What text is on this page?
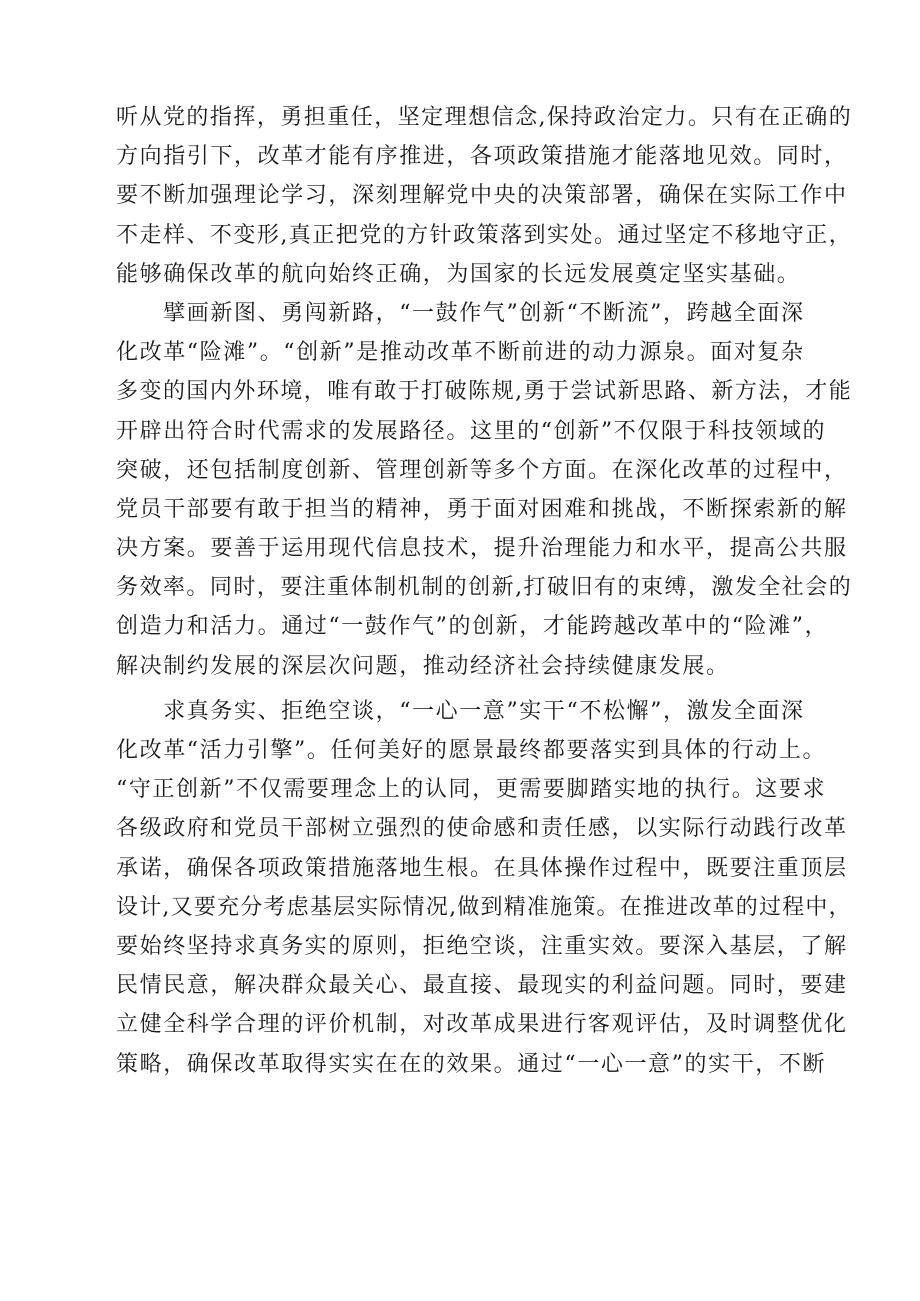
听从党的指挥，勇担重任，坚定理想信念,保持政治定力。只有在正确的
方向指引下，改革才能有序推进，各项政策措施才能落地见效。同时，
要不断加强理论学习，深刻理解党中央的决策部署，确保在实际工作中
不走样、不变形,真正把党的方针政策落到实处。通过坚定不移地守正，
能够确保改革的航向始终正确，为国家的长远发展奠定坚实基础。
　　擘画新图、勇闯新路，“一鼓作气”创新“不断流”，跨越全面深
化改革“险滩”。“创新”是推动改革不断前进的动力源泉。面对复杂
多变的国内外环境，唯有敢于打破陈规,勇于尝试新思路、新方法，才能
开辟出符合时代需求的发展路径。这里的“创新”不仅限于科技领域的
突破，还包括制度创新、管理创新等多个方面。在深化改革的过程中，
党员干部要有敢于担当的精神，勇于面对困难和挑战，不断探索新的解
决方案。要善于运用现代信息技术，提升治理能力和水平，提高公共服
务效率。同时，要注重体制机制的创新,打破旧有的束缚，激发全社会的
创造力和活力。通过“一鼓作气”的创新，才能跨越改革中的“险滩”，
解决制约发展的深层次问题，推动经济社会持续健康发展。
　　求真务实、拒绝空谈，“一心一意”实干“不松懈”，激发全面深
化改革“活力引擎”。任何美好的愿景最终都要落实到具体的行动上。
“守正创新”不仅需要理念上的认同，更需要脚踏实地的执行。这要求
各级政府和党员干部树立强烈的使命感和责任感，以实际行动践行改革
承诺，确保各项政策措施落地生根。在具体操作过程中，既要注重顶层
设计,又要充分考虑基层实际情况,做到精准施策。在推进改革的过程中，
要始终坚持求真务实的原则，拒绝空谈，注重实效。要深入基层，了解
民情民意，解决群众最关心、最直接、最现实的利益问题。同时，要建
立健全科学合理的评价机制，对改革成果进行客观评估，及时调整优化
策略，确保改革取得实实在在的效果。通过“一心一意”的实干，不断
